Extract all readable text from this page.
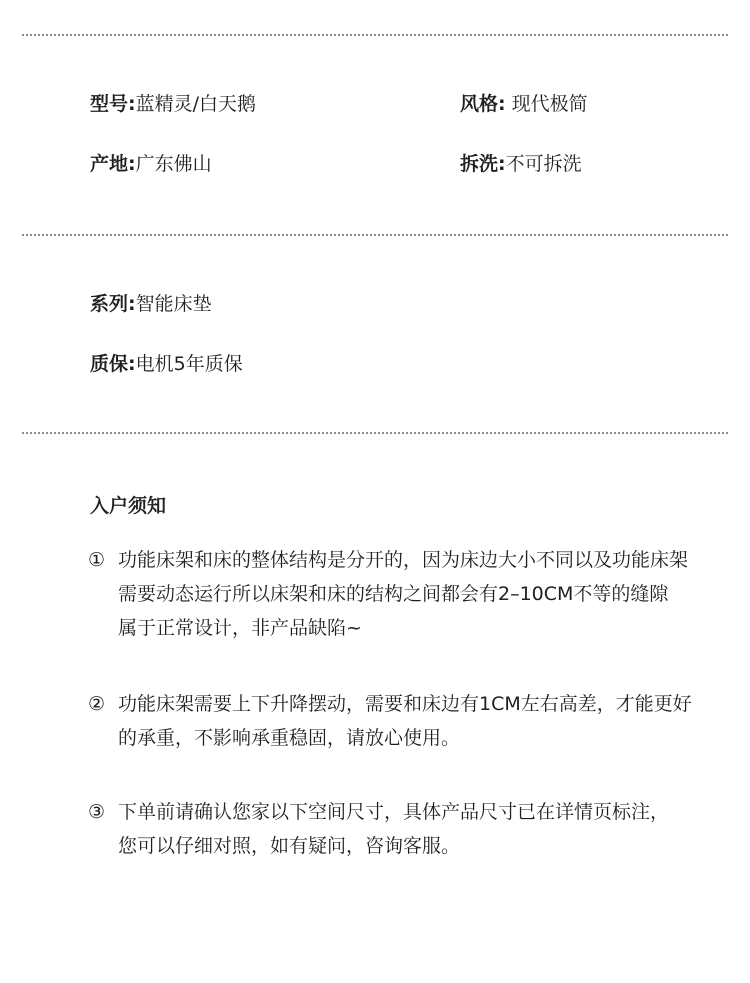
型号:蓝精灵/白天鹅	风格: 现代极简
产地:广东佛山	拆洗:不可拆洗
系列:智能床垫
质保:电机5年质保
入户须知
① 功能床架和床的整体结构是分开的，因为床边大小不同以及功能床架
需要动态运行所以床架和床的结构之间都会有2–10CM不等的缝隙
属于正常设计，非产品缺陷~
② 功能床架需要上下升降摆动，需要和床边有1CM左右高差，才能更好
的承重，不影响承重稳固，请放心使用。
③ 下单前请确认您家以下空间尺寸，具体产品尺寸已在详情页标注，
您可以仔细对照，如有疑问，咨询客服。
